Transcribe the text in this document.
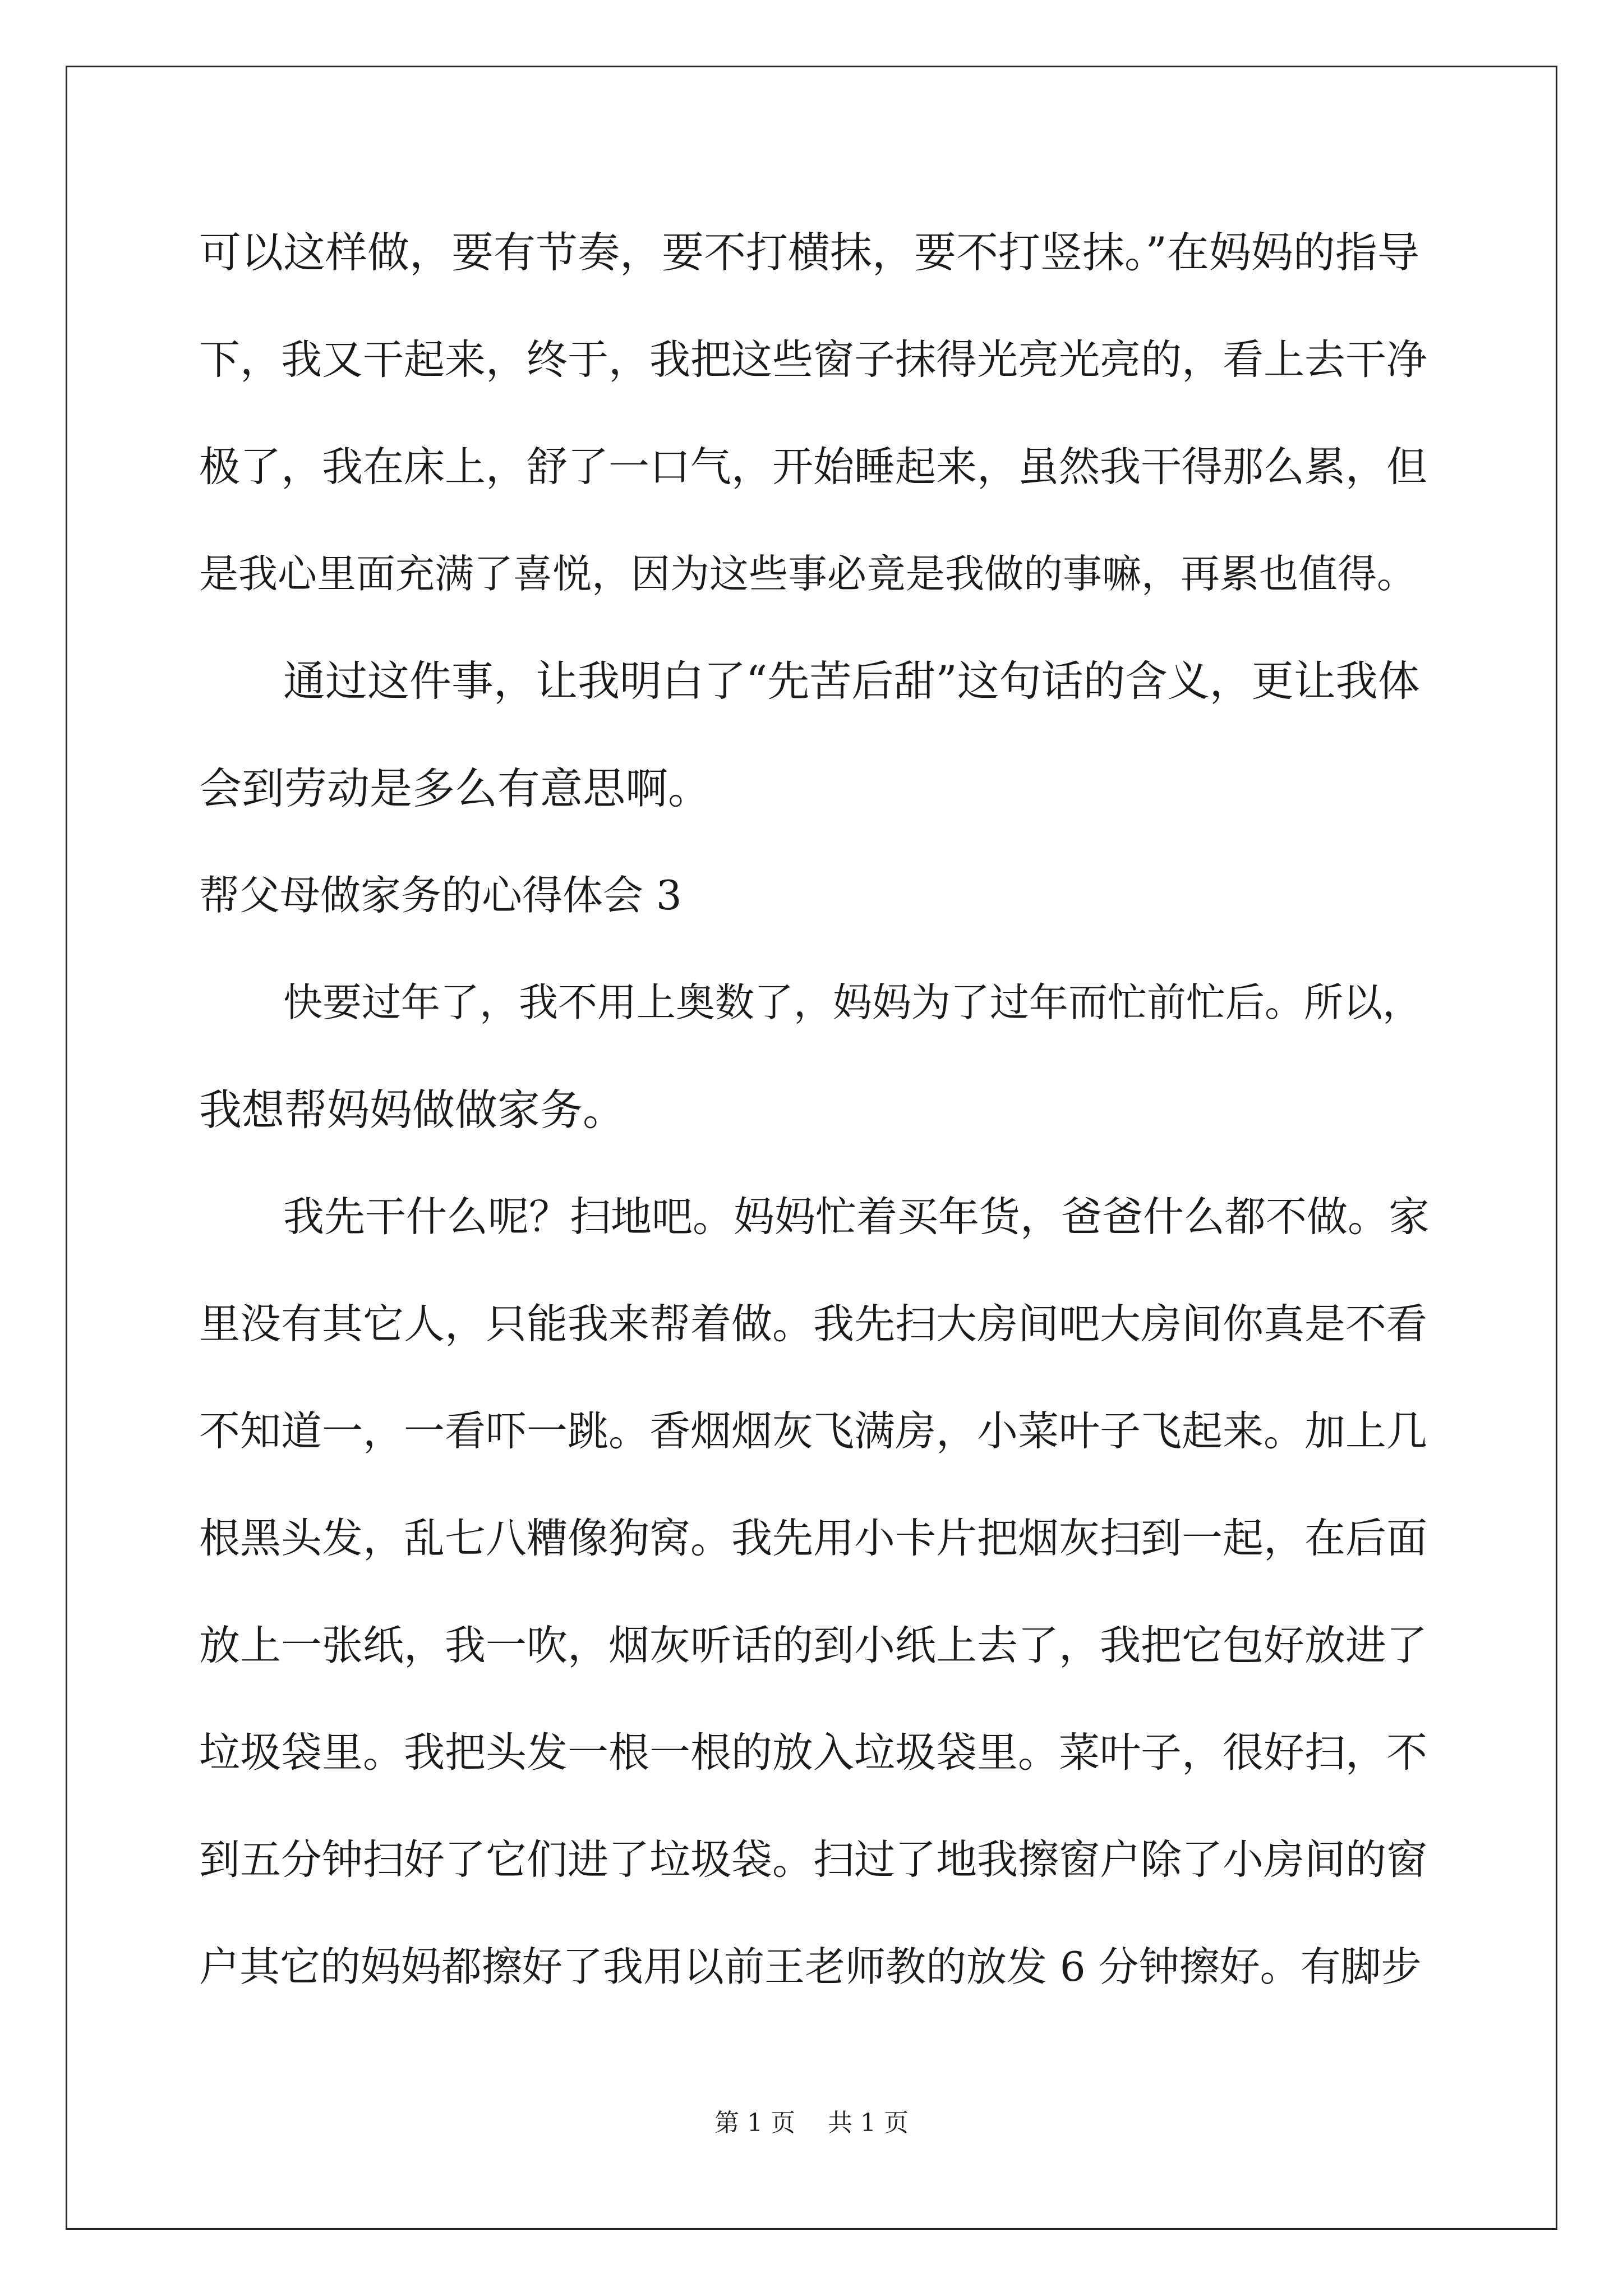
可以这样做，要有节奏，要不打横抹，要不打竖抹。”在妈妈的指导
下，我又干起来，终于，我把这些窗子抹得光亮光亮的，看上去干净
极了，我在床上，舒了一口气，开始睡起来，虽然我干得那么累，但
是我心里面充满了喜悦，因为这些事必竟是我做的事嘛，再累也值得。
通过这件事，让我明白了“先苦后甜”这句话的含义，更让我体
会到劳动是多么有意思啊。
帮父母做家务的心得体会 3
快要过年了，我不用上奥数了，妈妈为了过年而忙前忙后。所以，
我想帮妈妈做做家务。
我先干什么呢？扫地吧。妈妈忙着买年货，爸爸什么都不做。家
里没有其它人，只能我来帮着做。我先扫大房间吧大房间你真是不看
不知道一，一看吓一跳。香烟烟灰飞满房，小菜叶子飞起来。加上几
根黑头发，乱七八糟像狗窝。我先用小卡片把烟灰扫到一起，在后面
放上一张纸，我一吹，烟灰听话的到小纸上去了，我把它包好放进了
垃圾袋里。我把头发一根一根的放入垃圾袋里。菜叶子，很好扫，不
到五分钟扫好了它们进了垃圾袋。扫过了地我擦窗户除了小房间的窗
户其它的妈妈都擦好了我用以前王老师教的放发 6 分钟擦好。有脚步
第 1 页 共 1 页
